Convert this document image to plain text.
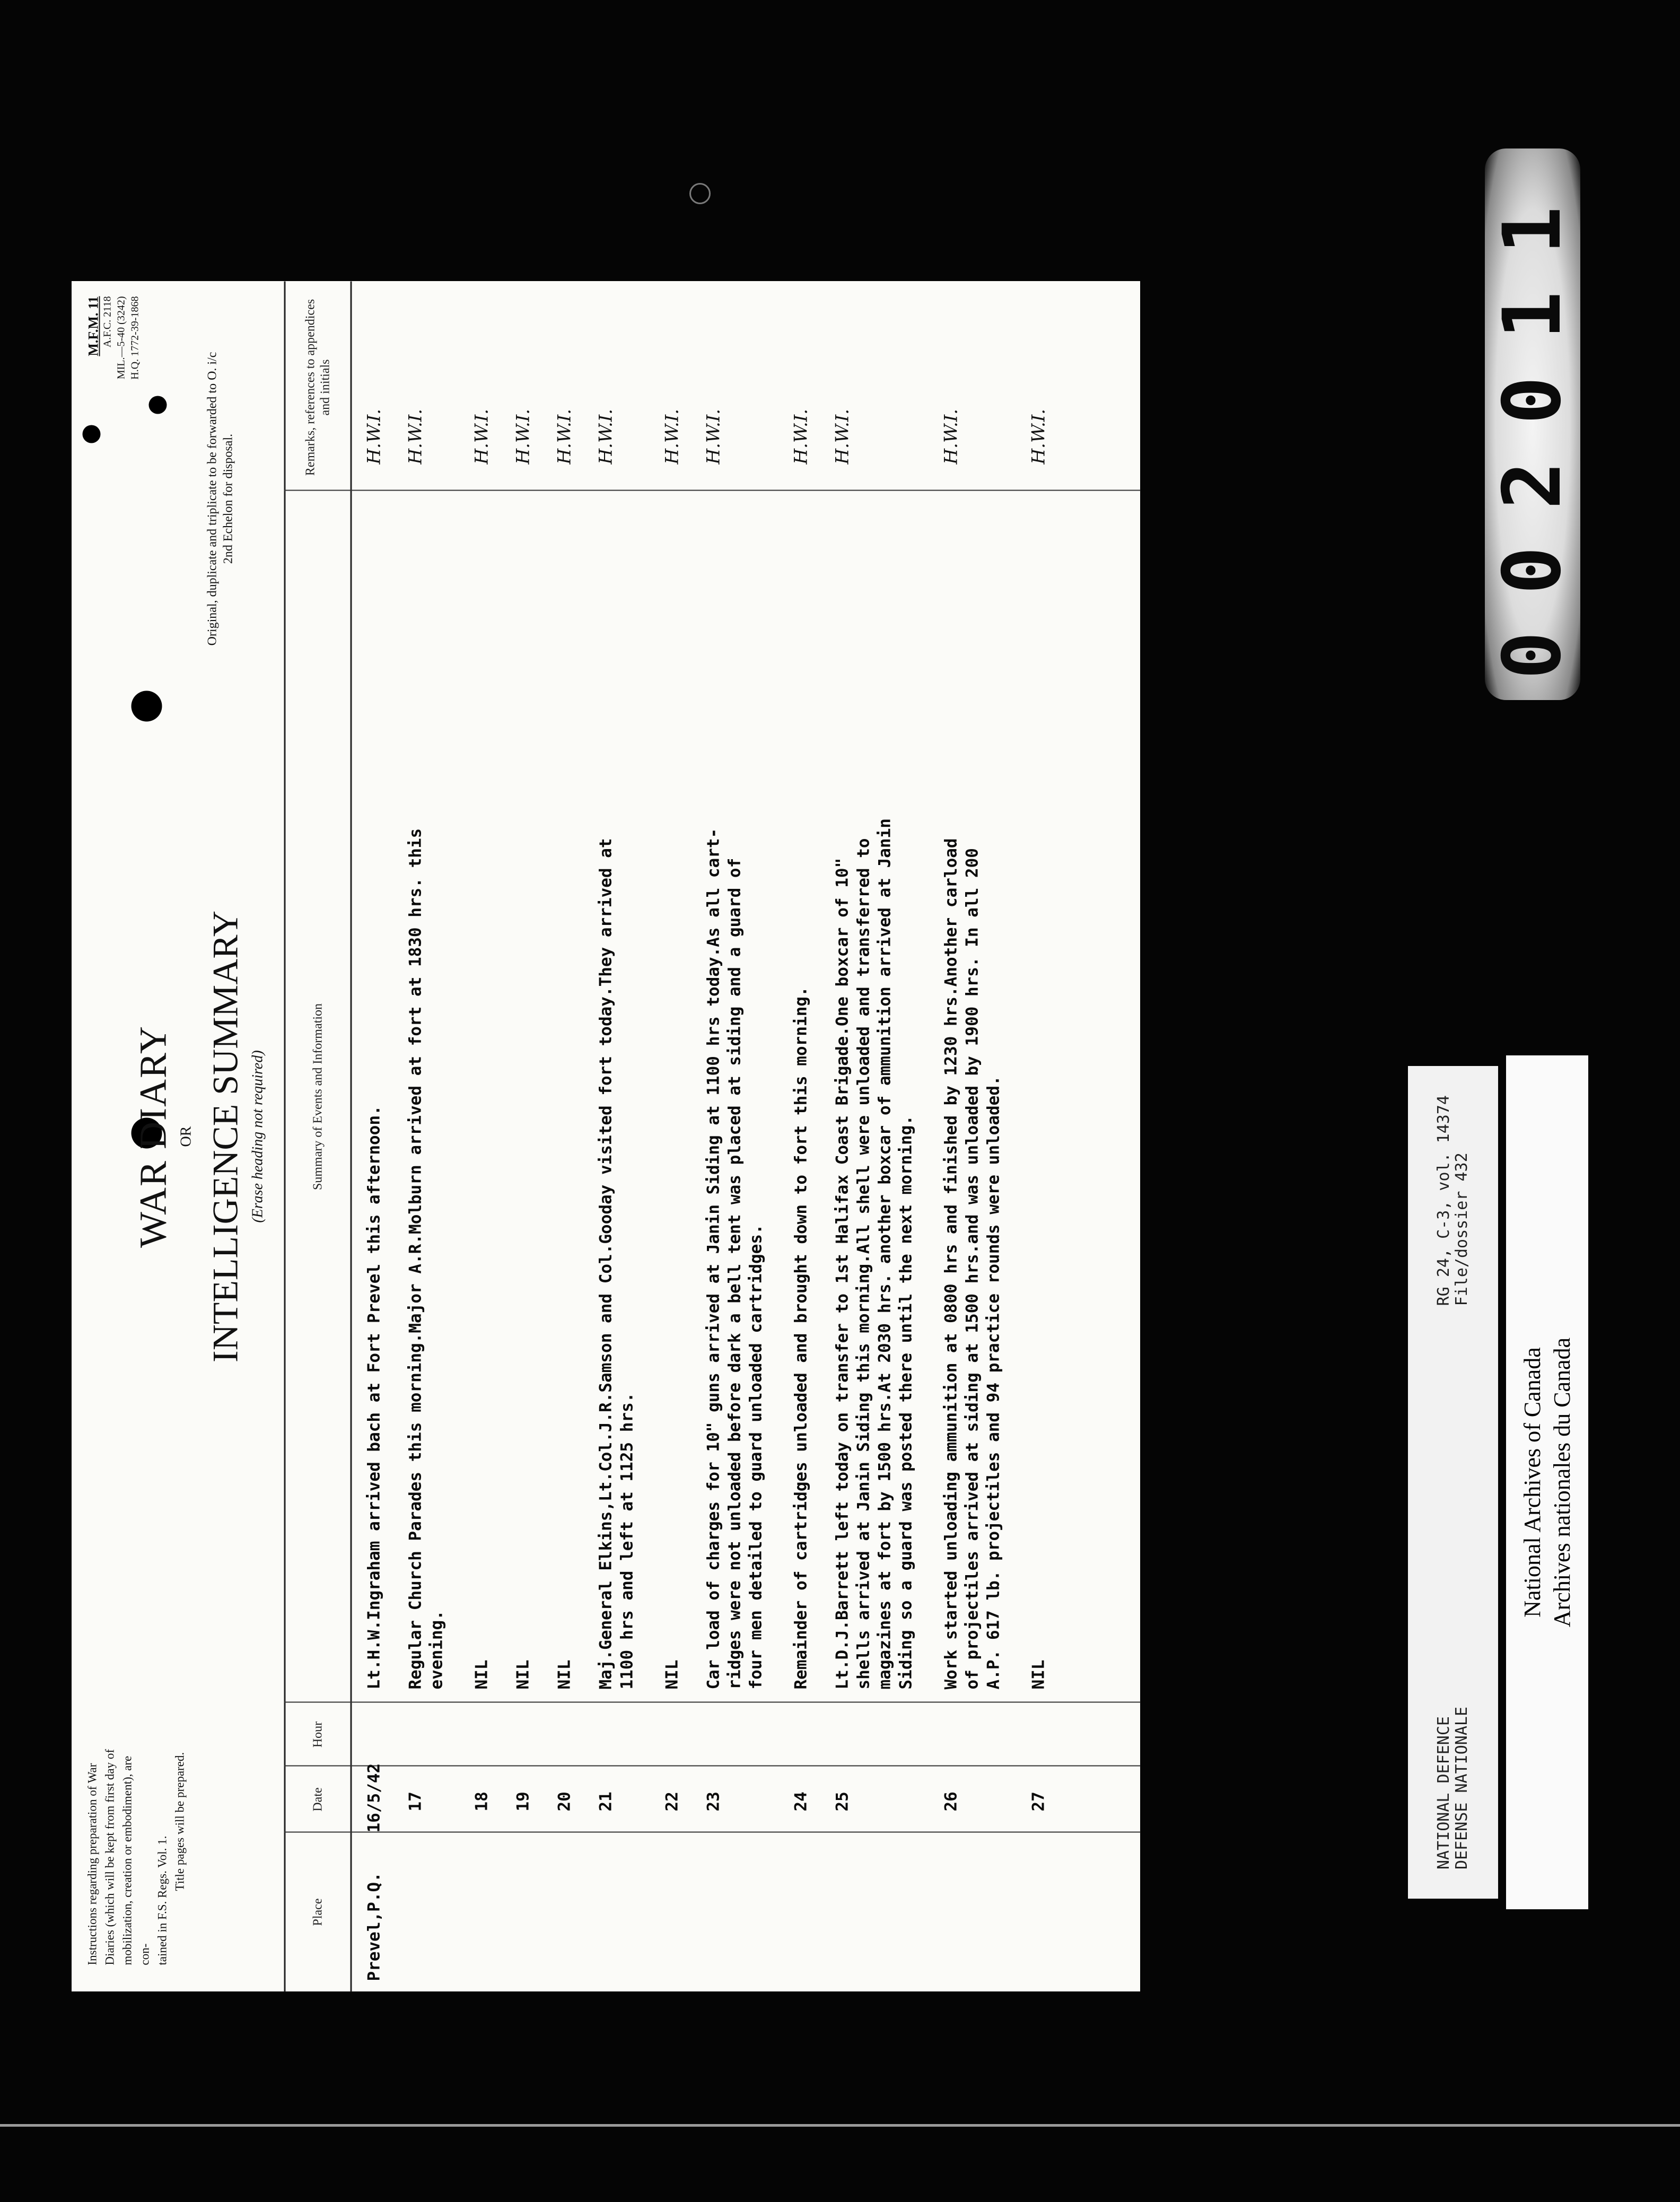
002011
NATIONAL DEFENCE DEFENSE NATIONALE
RG 24, C-3, vol. 14374 File/dossier 432
National Archives of Canada Archives nationales du Canada
Instructions regarding preparation of War Diaries (which will be kept from first day of mobilization, creation or embodiment), are con- tained in F.S. Regs. Vol. 1.
Title pages will be prepared.
WAR DIARY OR INTELLIGENCE SUMMARY (Erase heading not required)
M.F.M. 11 A.F.C. 2118 MIL.—5-40 (3242) H.Q. 1772-39-1868
Original, duplicate and triplicate to be forwarded to O. i/c 2nd Echelon for disposal.
Place
Date
Hour
Summary of Events and Information
Remarks, references to appendices and initials
Prevel,P.Q.
16/5/42
Lt.H.W.Ingraham arrived bach at Fort Prevel this afternoon.
H.W.I.
17
Regular Church Parades this morning.Major A.R.Molburn arrived at fort at 1830 hrs. this
evening.
H.W.I.
18
NIL
H.W.I.
19
NIL
H.W.I.
20
NIL
H.W.I.
21
Maj.General Elkins,Lt.Col.J.R.Samson and Col.Gooday visited fort today.They arrived at
1100 hrs and left at 1125 hrs.
H.W.I.
22
NIL
H.W.I.
23
Car load of charges for 10" guns arrived at Janin Siding at 1100 hrs today.As all cart-
ridges were not unloaded before dark a bell tent was placed at siding and a guard of
four men detailed to guard unloaded cartridges.
H.W.I.
24
Remainder of cartridges unloaded and brought down to fort this morning.
H.W.I.
25
Lt.D.J.Barrett left today on transfer to 1st Halifax Coast Brigade.One boxcar of 10"
shells arrived at Janin Siding this morning.All shell were unloaded and transferred to
magazines at fort by 1500 hrs.At 2030 hrs. another boxcar of ammunition arrived at Janin
Siding so a guard was posted there until the next morning.
H.W.I.
26
Work started unloading ammunition at 0800 hrs and finished by 1230 hrs.Another carload
of projectiles arrived at siding at 1500 hrs.and was unloaded by 1900 hrs. In all 200
A.P. 617 lb. projectiles and 94 practice rounds were unloaded.
H.W.I.
27
NIL
H.W.I.
